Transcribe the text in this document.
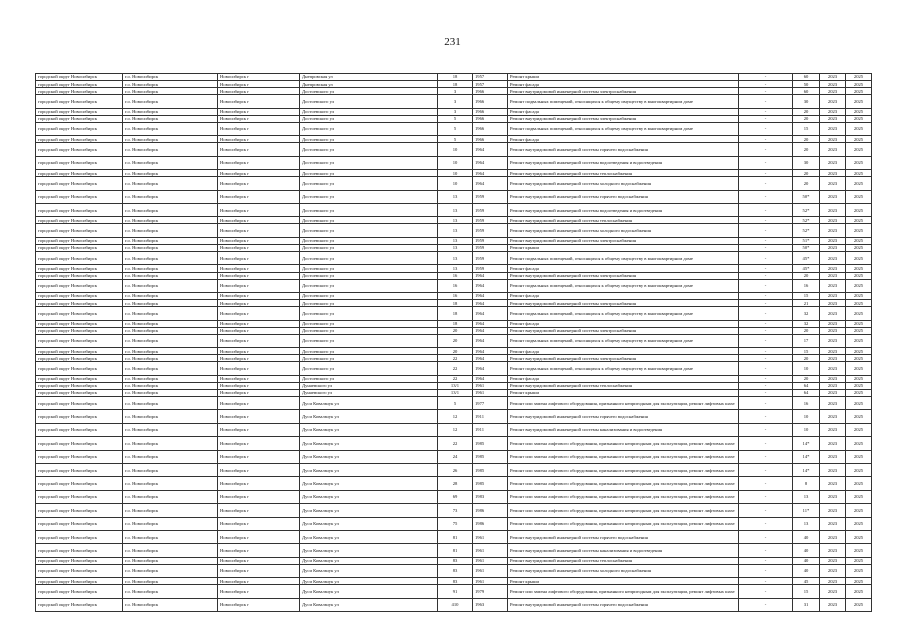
231
городской округ Новосибирск	г.о. Новосибирск	Новосибирск г	Днепровская ул	18	1957	Ремонт крыши	-	60	2023	2025
городской округ Новосибирск	г.о. Новосибирск	Новосибирск г	Днепровская ул	18	1957	Ремонт фасада	-	50	2023	2025
городской округ Новосибирск	г.о. Новосибирск	Новосибирск г	Достоевского ул	3	1966	Ремонт внутридомовой инженерной системы электроснабжения	-	60	2023	2025
городской округ Новосибирск	г.о. Новосибирск	Новосибирск г	Достоевского ул	3	1966	Ремонт подвальных помещений, относящихся к общему имуществу в многоквартирном доме	-	30	2023	2025
городской округ Новосибирск	г.о. Новосибирск	Новосибирск г	Достоевского ул	3	1966	Ремонт фасада	-	20	2023	2025
городской округ Новосибирск	г.о. Новосибирск	Новосибирск г	Достоевского ул	5	1966	Ремонт внутридомовой инженерной системы электроснабжения	-	20	2023	2025
городской округ Новосибирск	г.о. Новосибирск	Новосибирск г	Достоевского ул	5	1966	Ремонт подвальных помещений, относящихся к общему имуществу в многоквартирном доме	-	15	2023	2025
городской округ Новосибирск	г.о. Новосибирск	Новосибирск г	Достоевского ул	5	1966	Ремонт фасада	-	20	2023	2025
городской округ Новосибирск	г.о. Новосибирск	Новосибирск г	Достоевского ул	10	1964	Ремонт внутридомовой инженерной системы горячего водоснабжения	-	20	2023	2025
городской округ Новосибирск	г.о. Новосибирск	Новосибирск г	Достоевского ул	10	1964	Ремонт внутридомовой инженерной системы водоотведения и водоотведения	-	30	2023	2025
городской округ Новосибирск	г.о. Новосибирск	Новосибирск г	Достоевского ул	10	1964	Ремонт внутридомовой инженерной системы теплоснабжения	-	20	2023	2025
городской округ Новосибирск	г.о. Новосибирск	Новосибирск г	Достоевского ул	10	1964	Ремонт внутридомовой инженерной системы холодного водоснабжения	-	20	2023	2025
городской округ Новосибирск	г.о. Новосибирск	Новосибирск г	Достоевского ул	13	1959	Ремонт внутридомовой инженерной системы горячего водоснабжения	-	50*	2023	2025
городской округ Новосибирск	г.о. Новосибирск	Новосибирск г	Достоевского ул	13	1959	Ремонт внутридомовой инженерной системы водоотведения и водоотведения	-	52*	2023	2025
городской округ Новосибирск	г.о. Новосибирск	Новосибирск г	Достоевского ул	13	1959	Ремонт внутридомовой инженерной системы теплоснабжения	-	52*	2023	2025
городской округ Новосибирск	г.о. Новосибирск	Новосибирск г	Достоевского ул	13	1959	Ремонт внутридомовой инженерной системы холодного водоснабжения	-	52*	2023	2025
городской округ Новосибирск	г.о. Новосибирск	Новосибирск г	Достоевского ул	13	1959	Ремонт внутридомовой инженерной системы электроснабжения	-	51*	2023	2025
городской округ Новосибирск	г.о. Новосибирск	Новосибирск г	Достоевского ул	13	1959	Ремонт крыши	-	50*	2023	2025
городской округ Новосибирск	г.о. Новосибирск	Новосибирск г	Достоевского ул	13	1959	Ремонт подвальных помещений, относящихся к общему имуществу в многоквартирном доме	-	45*	2023	2025
городской округ Новосибирск	г.о. Новосибирск	Новосибирск г	Достоевского ул	13	1959	Ремонт фасада	-	45*	2023	2025
городской округ Новосибирск	г.о. Новосибирск	Новосибирск г	Достоевского ул	16	1964	Ремонт внутридомовой инженерной системы электроснабжения	-	20	2023	2025
городской округ Новосибирск	г.о. Новосибирск	Новосибирск г	Достоевского ул	16	1964	Ремонт подвальных помещений, относящихся к общему имуществу в многоквартирном доме	-	16	2023	2025
городской округ Новосибирск	г.о. Новосибирск	Новосибирск г	Достоевского ул	16	1964	Ремонт фасада	-	15	2023	2025
городской округ Новосибирск	г.о. Новосибирск	Новосибирск г	Достоевского ул	18	1964	Ремонт внутридомовой инженерной системы электроснабжения	-	21	2023	2025
городской округ Новосибирск	г.о. Новосибирск	Новосибирск г	Достоевского ул	18	1964	Ремонт подвальных помещений, относящихся к общему имуществу в многоквартирном доме	-	32	2023	2025
городской округ Новосибирск	г.о. Новосибирск	Новосибирск г	Достоевского ул	18	1964	Ремонт фасада	-	32	2023	2025
городской округ Новосибирск	г.о. Новосибирск	Новосибирск г	Достоевского ул	20	1964	Ремонт внутридомовой инженерной системы электроснабжения	-	20	2023	2025
городской округ Новосибирск	г.о. Новосибирск	Новосибирск г	Достоевского ул	20	1964	Ремонт подвальных помещений, относящихся к общему имуществу в многоквартирном доме	-	17	2023	2025
городской округ Новосибирск	г.о. Новосибирск	Новосибирск г	Достоевского ул	20	1964	Ремонт фасада	-	15	2023	2025
городской округ Новосибирск	г.о. Новосибирск	Новосибирск г	Достоевского ул	22	1964	Ремонт внутридомовой инженерной системы электроснабжения	-	20	2023	2025
городской округ Новосибирск	г.о. Новосибирск	Новосибирск г	Достоевского ул	22	1964	Ремонт подвальных помещений, относящихся к общему имуществу в многоквартирном доме	-	10	2023	2025
городской округ Новосибирск	г.о. Новосибирск	Новосибирск г	Достоевского ул	22	1964	Ремонт фасада	-	20	2023	2025
городской округ Новосибирск	г.о. Новосибирск	Новосибирск г	Дунаевского ул	13/1	1961	Ремонт внутридомовой инженерной системы теплоснабжения	-	64	2023	2025
городской округ Новосибирск	г.о. Новосибирск	Новосибирск г	Дунаевского ул	13/1	1961	Ремонт крыши	-	64	2023	2025
городской округ Новосибирск	г.о. Новосибирск	Новосибирск г	Дуси Ковальчук ул	5	1977	Ремонт или замена лифтового оборудования, признанного непригодным для эксплуатации, ремонт лифтовых шахт	-	16	2023	2025
городской округ Новосибирск	г.о. Новосибирск	Новосибирск г	Дуси Ковальчук ул	12	1911	Ремонт внутридомовой инженерной системы горячего водоснабжения	-	10	2023	2025
городской округ Новосибирск	г.о. Новосибирск	Новосибирск г	Дуси Ковальчук ул	12	1911	Ремонт внутридомовой инженерной системы канализования и водоотведения	-	10	2023	2025
городской округ Новосибирск	г.о. Новосибирск	Новосибирск г	Дуси Ковальчук ул	22	1985	Ремонт или замена лифтового оборудования, признанного непригодным для эксплуатации, ремонт лифтовых шахт	-	14*	2023	2025
городской округ Новосибирск	г.о. Новосибирск	Новосибирск г	Дуси Ковальчук ул	24	1985	Ремонт или замена лифтового оборудования, признанного непригодным для эксплуатации, ремонт лифтовых шахт	-	14*	2023	2025
городской округ Новосибирск	г.о. Новосибирск	Новосибирск г	Дуси Ковальчук ул	26	1985	Ремонт или замена лифтового оборудования, признанного непригодным для эксплуатации, ремонт лифтовых шахт	-	14*	2023	2025
городской округ Новосибирск	г.о. Новосибирск	Новосибирск г	Дуси Ковальчук ул	28	1985	Ремонт или замена лифтового оборудования, признанного непригодным для эксплуатации, ремонт лифтовых шахт	-	8	2023	2025
городской округ Новосибирск	г.о. Новосибирск	Новосибирск г	Дуси Ковальчук ул	69	1983	Ремонт или замена лифтового оборудования, признанного непригодным для эксплуатации, ремонт лифтовых шахт	-	13	2023	2025
городской округ Новосибирск	г.о. Новосибирск	Новосибирск г	Дуси Ковальчук ул	73	1986	Ремонт или замена лифтового оборудования, признанного непригодным для эксплуатации, ремонт лифтовых шахт	-	11*	2023	2025
городской округ Новосибирск	г.о. Новосибирск	Новосибирск г	Дуси Ковальчук ул	75	1986	Ремонт или замена лифтового оборудования, признанного непригодным для эксплуатации, ремонт лифтовых шахт	-	13	2023	2025
городской округ Новосибирск	г.о. Новосибирск	Новосибирск г	Дуси Ковальчук ул	81	1961	Ремонт внутридомовой инженерной системы горячего водоснабжения	-	40	2023	2025
городской округ Новосибирск	г.о. Новосибирск	Новосибирск г	Дуси Ковальчук ул	81	1961	Ремонт внутридомовой инженерной системы канализования и водоотведения	-	40	2023	2025
городской округ Новосибирск	г.о. Новосибирск	Новосибирск г	Дуси Ковальчук ул	83	1961	Ремонт внутридомовой инженерной системы теплоснабжения	-	40	2023	2025
городской округ Новосибирск	г.о. Новосибирск	Новосибирск г	Дуси Ковальчук ул	83	1961	Ремонт внутридомовой инженерной системы холодного водоснабжения	-	40	2023	2025
городской округ Новосибирск	г.о. Новосибирск	Новосибирск г	Дуси Ковальчук ул	83	1961	Ремонт крыши	-	45	2023	2025
городской округ Новосибирск	г.о. Новосибирск	Новосибирск г	Дуси Ковальчук ул	91	1979	Ремонт или замена лифтового оборудования, признанного непригодным для эксплуатации, ремонт лифтовых шахт	-	15	2023	2025
городской округ Новосибирск	г.о. Новосибирск	Новосибирск г	Дуси Ковальчук ул	410	1963	Ремонт внутридомовой инженерной системы горячего водоснабжения	-	31	2023	2025
